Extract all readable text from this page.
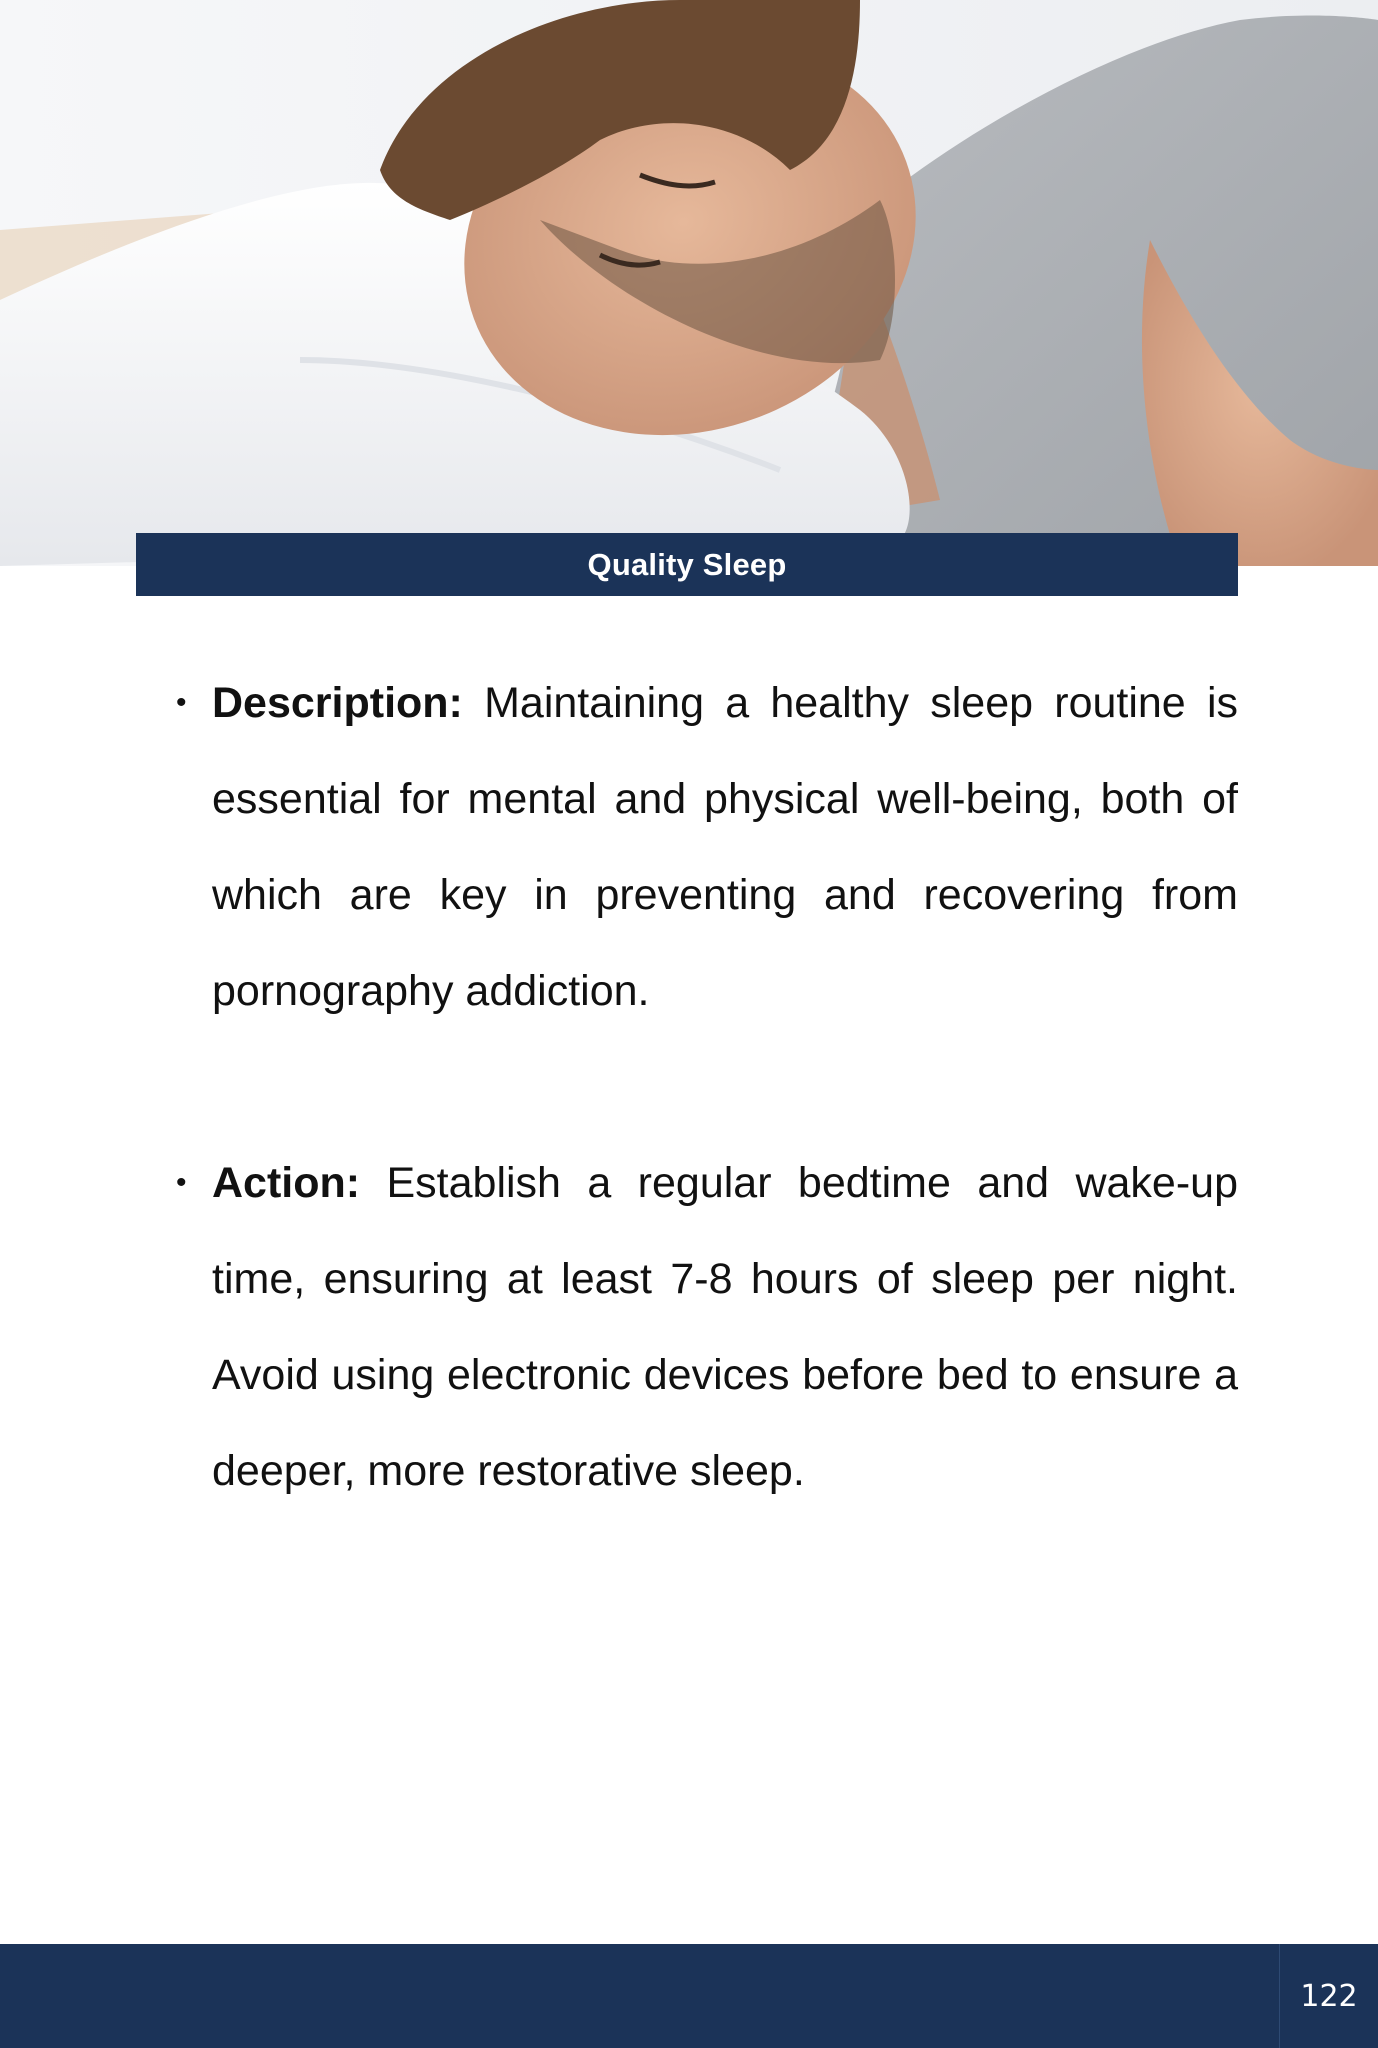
Quality Sleep
• Description: Maintaining a healthy sleep routine is essential for mental and physical well-being, both of which are key in preventing and recovering from pornography addiction.
• Action: Establish a regular bedtime and wake-up time, ensuring at least 7-8 hours of sleep per night. Avoid using electronic devices before bed to ensure a deeper, more restorative sleep.
122
